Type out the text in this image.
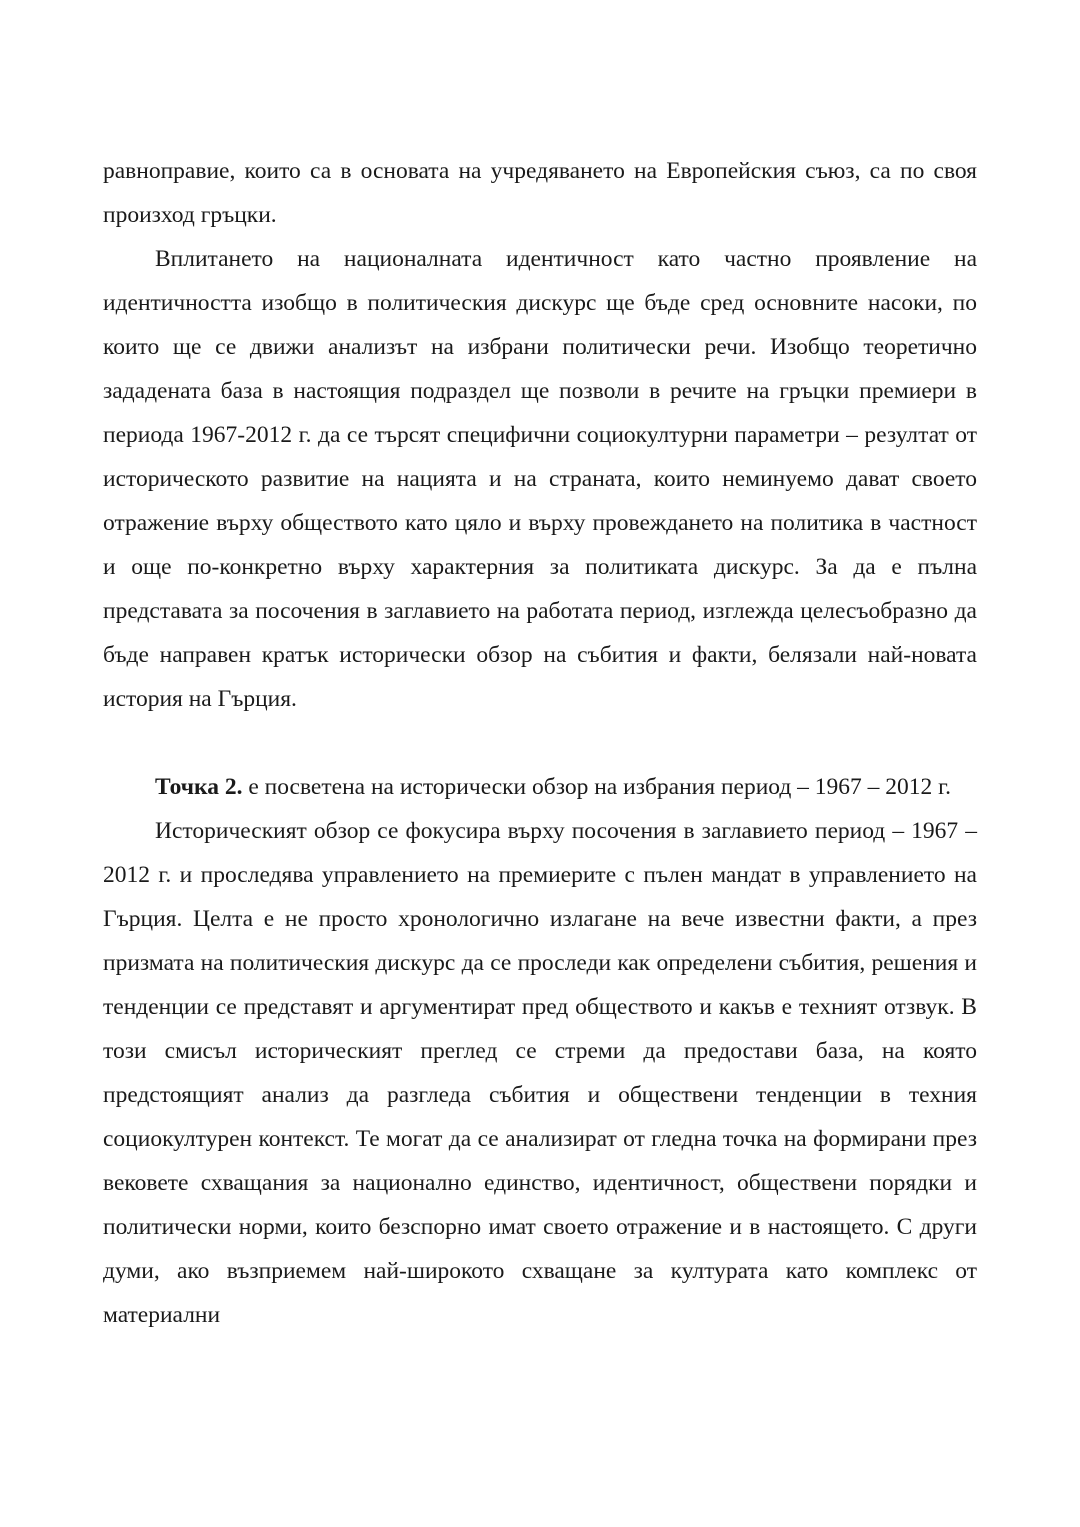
равноправие, които са в основата на учредяването на Европейския съюз, са по своя произход гръцки.

Вплитането на националната идентичност като частно проявление на идентичността изобщо в политическия дискурс ще бъде сред основните насоки, по които ще се движи анализът на избрани политически речи. Изобщо теоретично зададената база в настоящия подраздел ще позволи в речите на гръцки премиери в периода 1967-2012 г. да се търсят специфични социокултурни параметри – резултат от историческото развитие на нацията и на страната, които неминуемо дават своето отражение върху обществото като цяло и върху провеждането на политика в частност и още по-конкретно върху характерния за политиката дискурс. За да е пълна представата за посочения в заглавието на работата период, изглежда целесъобразно да бъде направен кратък исторически обзор на събития и факти, белязали най-новата история на Гърция.

Точка 2. е посветена на исторически обзор на избрания период – 1967 – 2012 г.

Историческият обзор се фокусира върху посочения в заглавието период – 1967 – 2012 г. и проследява управлението на премиерите с пълен мандат в управлението на Гърция. Целта е не просто хронологично излагане на вече известни факти, а през призмата на политическия дискурс да се проследи как определени събития, решения и тенденции се представят и аргументират пред обществото и какъв е техният отзвук. В този смисъл историческият преглед се стреми да предостави база, на която предстоящият анализ да разгледа събития и обществени тенденции в техния социокултурен контекст. Те могат да се анализират от гледна точка на формирани през вековете схващания за национално единство, идентичност, обществени порядки и политически норми, които безспорно имат своето отражение и в настоящето. С други думи, ако възприемем най-широкото схващане за културата като комплекс от материални
